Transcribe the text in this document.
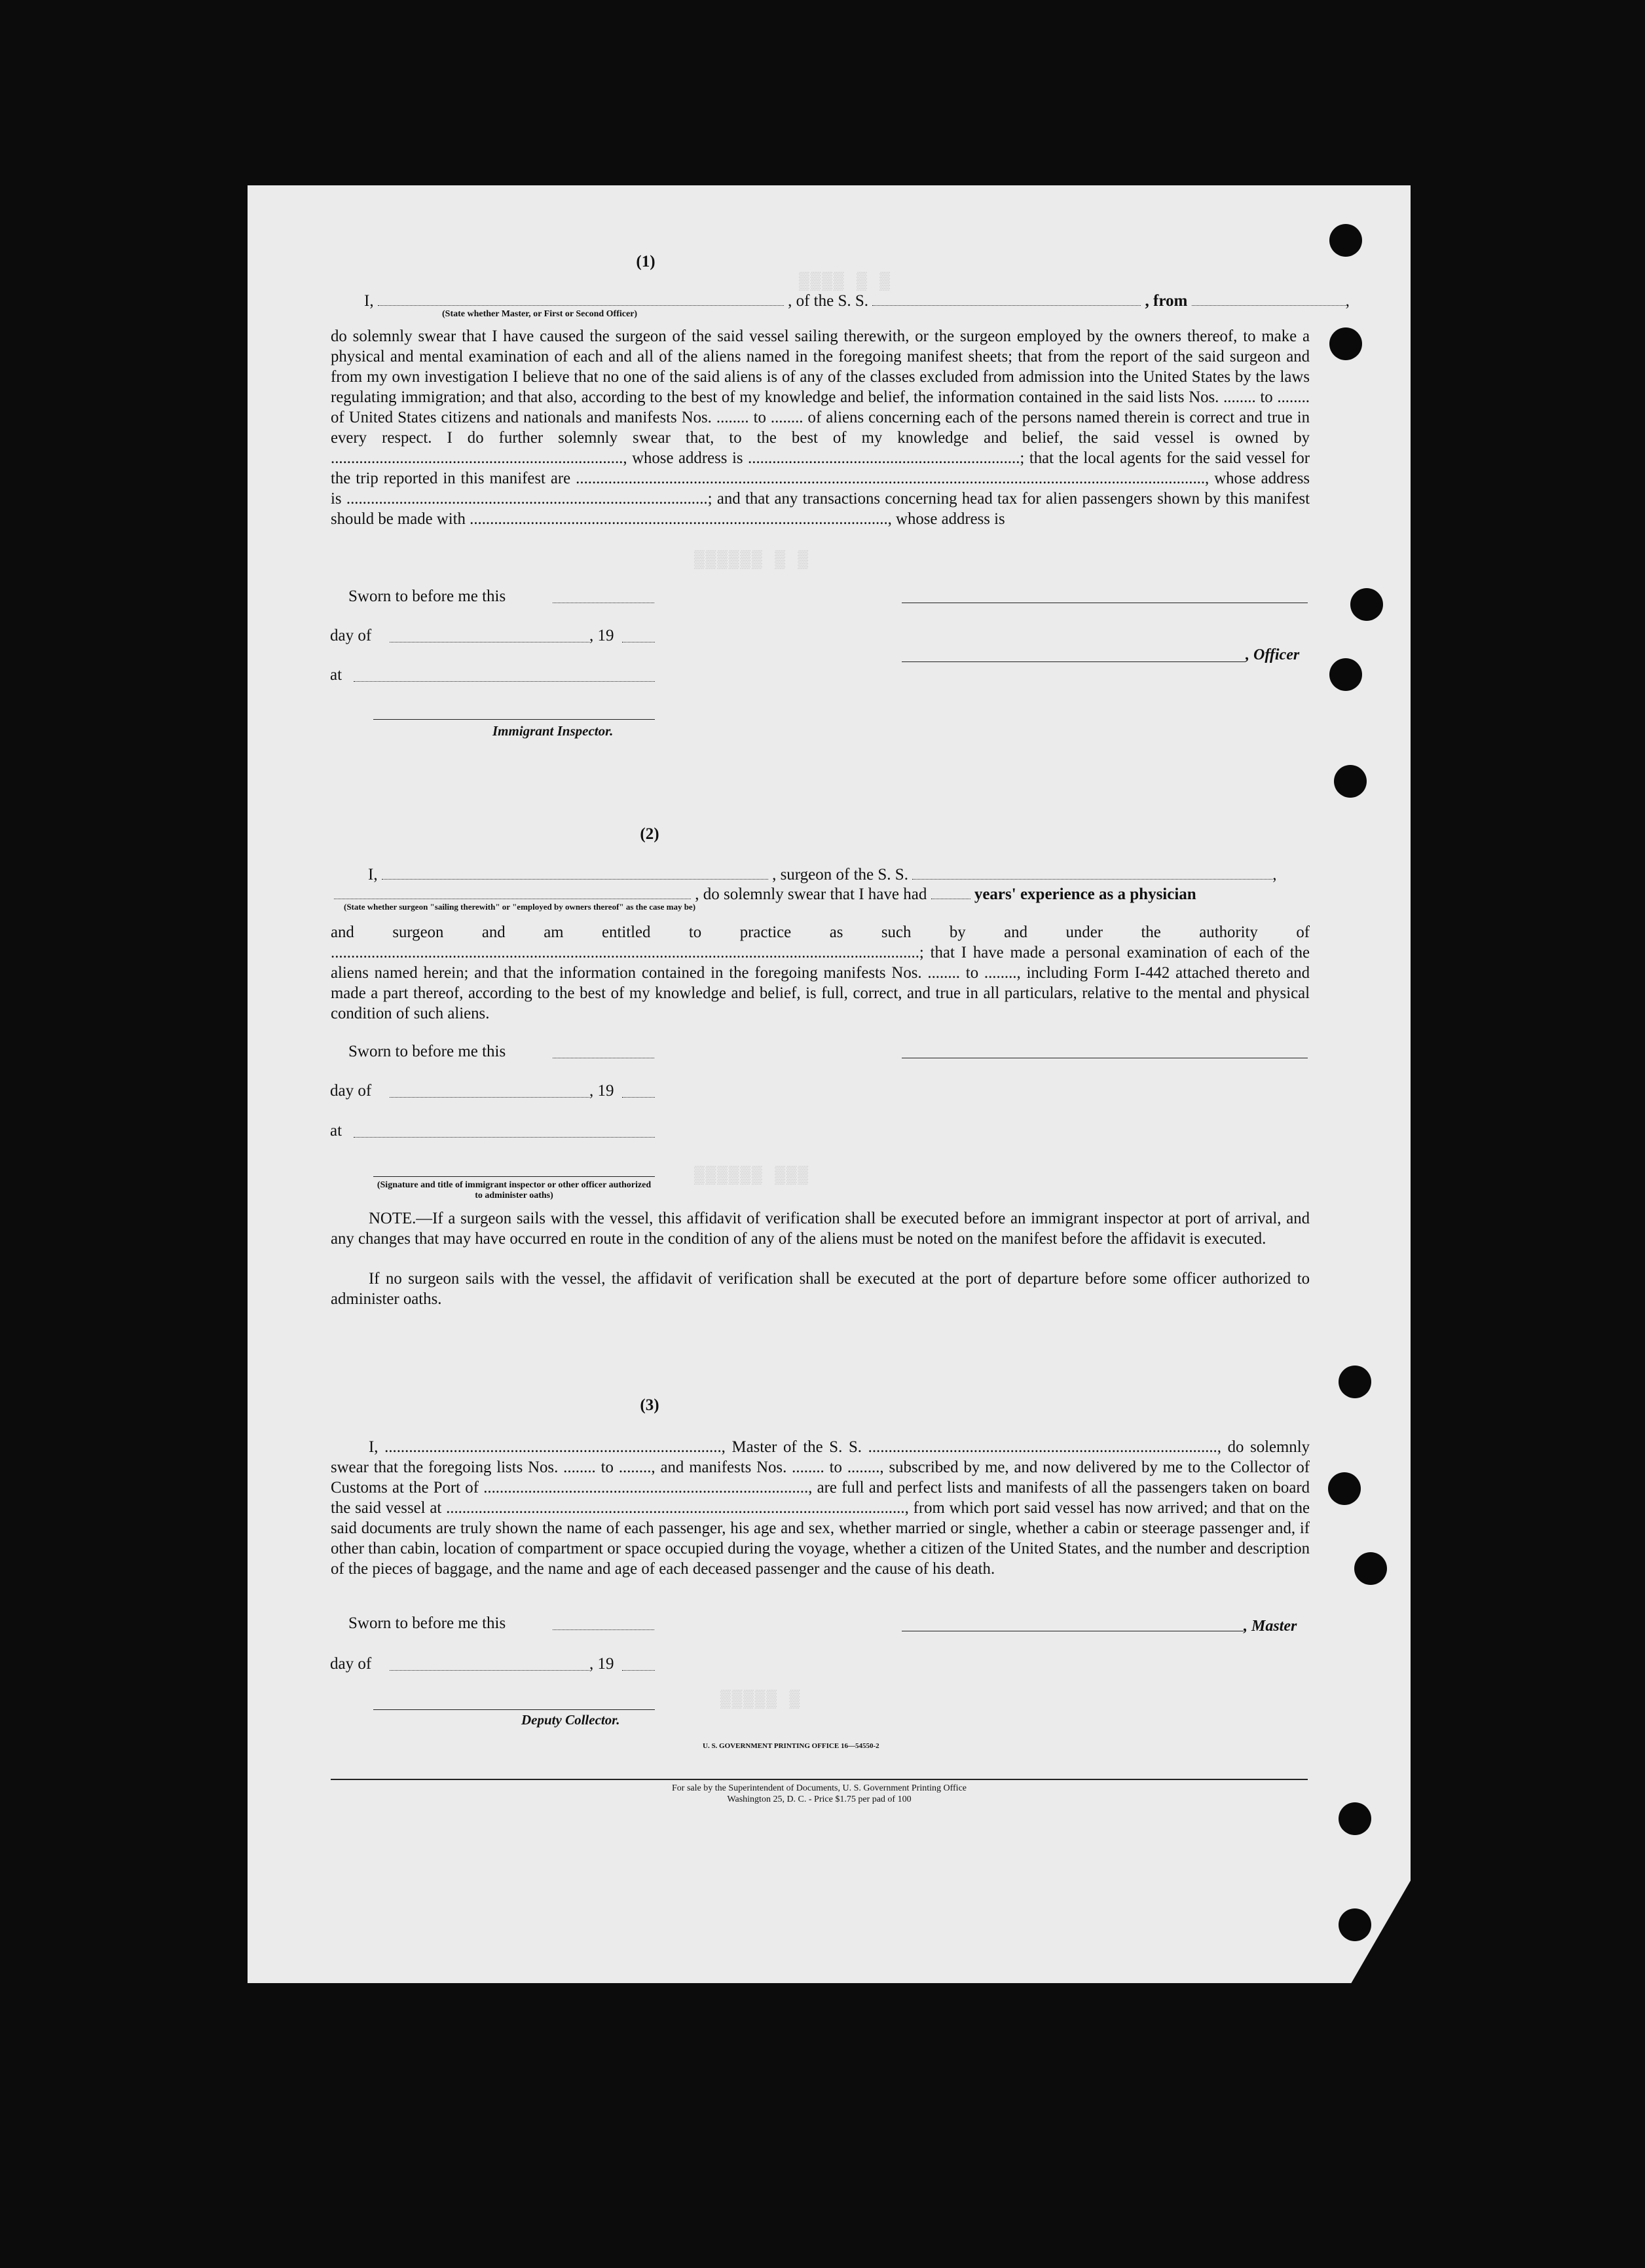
▒▒▒▒ ▒ ▒
▒▒▒▒▒▒ ▒ ▒
▒▒▒▒▒▒ ▒▒▒
▒▒▒▒▒ ▒
(1)
I,	, of the S. S.	, from	,
(State whether Master, or First or Second Officer)
do solemnly swear that I have caused the surgeon of the said vessel sailing therewith, or the surgeon employed by the owners thereof, to make a physical and mental examination of each and all of the aliens named in the foregoing manifest sheets; that from the report of the said surgeon and from my own investigation I believe that no one of the said aliens is of any of the classes excluded from admission into the United States by the laws regulating immigration; and that also, according to the best of my knowledge and belief, the information contained in the said lists Nos. ........ to ........ of United States citizens and nationals and manifests Nos. ........ to ........ of aliens concerning each of the persons named therein is correct and true in every respect. I do further solemnly swear that, to the best of my knowledge and belief, the said vessel is owned by ........................................................................, whose address is ...................................................................; that the local agents for the said vessel for the trip reported in this manifest are ..........................................................................................................................................................., whose address is .........................................................................................; and that any transactions concerning head tax for alien passengers shown by this manifest should be made with ......................................................................................................., whose address is
Sworn to before me this
day of	, 19
, Officer
at
Immigrant Inspector.
(2)
I,	, surgeon of the S. S.	,
, do solemnly swear that I have had	years' experience as a physician
(State whether surgeon "sailing therewith" or "employed by owners thereof" as the case may be)
and surgeon and am entitled to practice as such by and under the authority of .................................................................................................................................................; that I have made a personal examination of each of the aliens named herein; and that the information contained in the foregoing manifests Nos. ........ to ........, including Form I-442 attached thereto and made a part thereof, according to the best of my knowledge and belief, is full, correct, and true in all particulars, relative to the mental and physical condition of such aliens.
Sworn to before me this
day of	, 19
at
(Signature and title of immigrant inspector or other officer authorized to administer oaths)
NOTE.—If a surgeon sails with the vessel, this affidavit of verification shall be executed before an immigrant inspector at port of arrival, and any changes that may have occurred en route in the condition of any of the aliens must be noted on the manifest before the affidavit is executed.
If no surgeon sails with the vessel, the affidavit of verification shall be executed at the port of departure before some officer authorized to administer oaths.
(3)
I, ..................................................................................., Master of the S. S. ......................................................................................, do solemnly swear that the foregoing lists Nos. ........ to ........, and manifests Nos. ........ to ........, subscribed by me, and now delivered by me to the Collector of Customs at the Port of ................................................................................, are full and perfect lists and manifests of all the passengers taken on board the said vessel at ................................................................................................................., from which port said vessel has now arrived; and that on the said documents are truly shown the name of each passenger, his age and sex, whether married or single, whether a cabin or steerage passenger and, if other than cabin, location of compartment or space occupied during the voyage, whether a citizen of the United States, and the number and description of the pieces of baggage, and the name and age of each deceased passenger and the cause of his death.
Sworn to before me this	, Master
day of	, 19
Deputy Collector.
U. S. GOVERNMENT PRINTING OFFICE 16—54550-2
For sale by the Superintendent of Documents, U. S. Government Printing Office
Washington 25, D. C. - Price $1.75 per pad of 100
